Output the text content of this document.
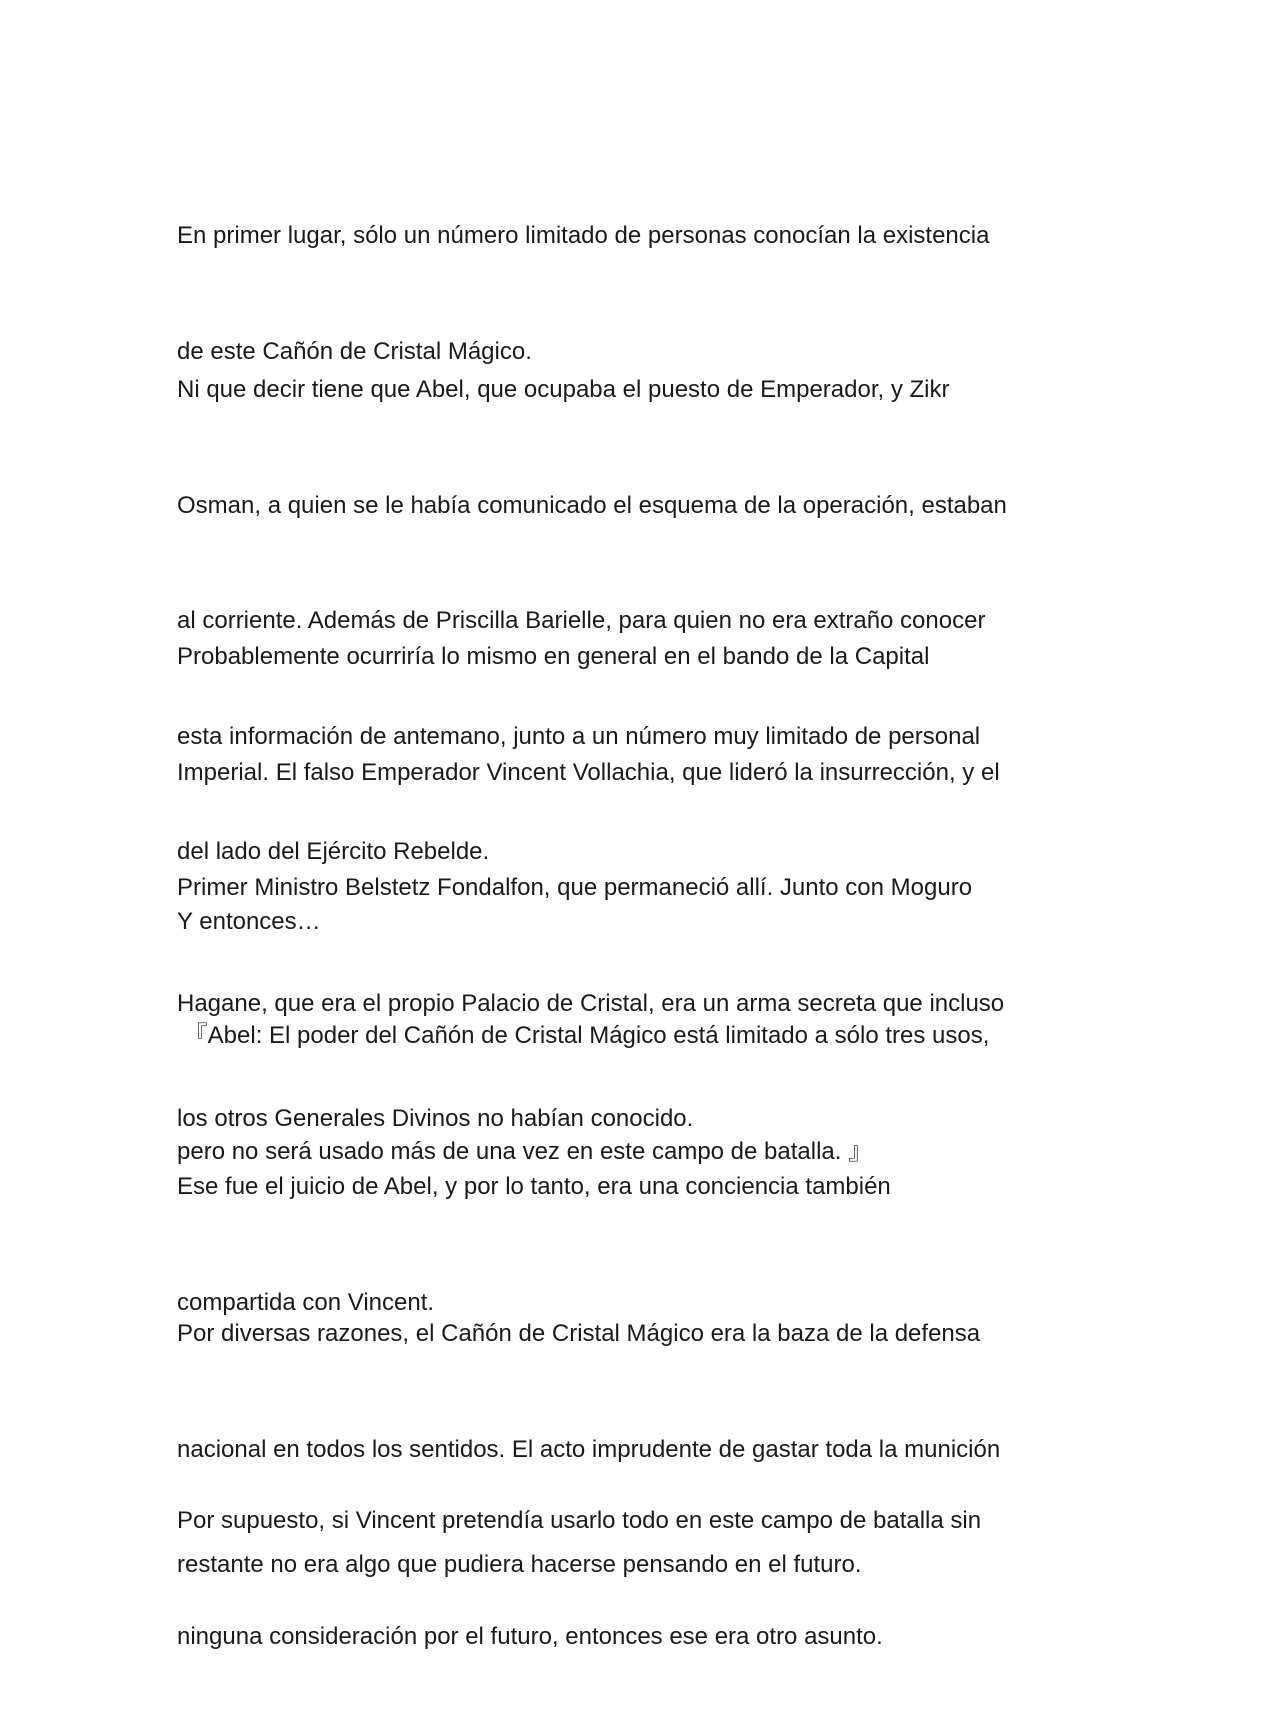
En primer lugar, sólo un número limitado de personas conocían la existencia

de este Cañón de Cristal Mágico.

Ni que decir tiene que Abel, que ocupaba el puesto de Emperador, y Zikr

Osman, a quien se le había comunicado el esquema de la operación, estaban

al corriente. Además de Priscilla Barielle, para quien no era extraño conocer

esta información de antemano, junto a un número muy limitado de personal

del lado del Ejército Rebelde.

Probablemente ocurriría lo mismo en general en el bando de la Capital

Imperial. El falso Emperador Vincent Vollachia, que lideró la insurrección, y el

Primer Ministro Belstetz Fondalfon, que permaneció allí. Junto con Moguro

Hagane, que era el propio Palacio de Cristal, era un arma secreta que incluso

los otros Generales Divinos no habían conocido.

Y entonces…

『Abel: El poder del Cañón de Cristal Mágico está limitado a sólo tres usos,

pero no será usado más de una vez en este campo de batalla. 』

Ese fue el juicio de Abel, y por lo tanto, era una conciencia también

compartida con Vincent.

Por diversas razones, el Cañón de Cristal Mágico era la baza de la defensa

nacional en todos los sentidos. El acto imprudente de gastar toda la munición

restante no era algo que pudiera hacerse pensando en el futuro.

Por supuesto, si Vincent pretendía usarlo todo en este campo de batalla sin

ninguna consideración por el futuro, entonces ese era otro asunto.
